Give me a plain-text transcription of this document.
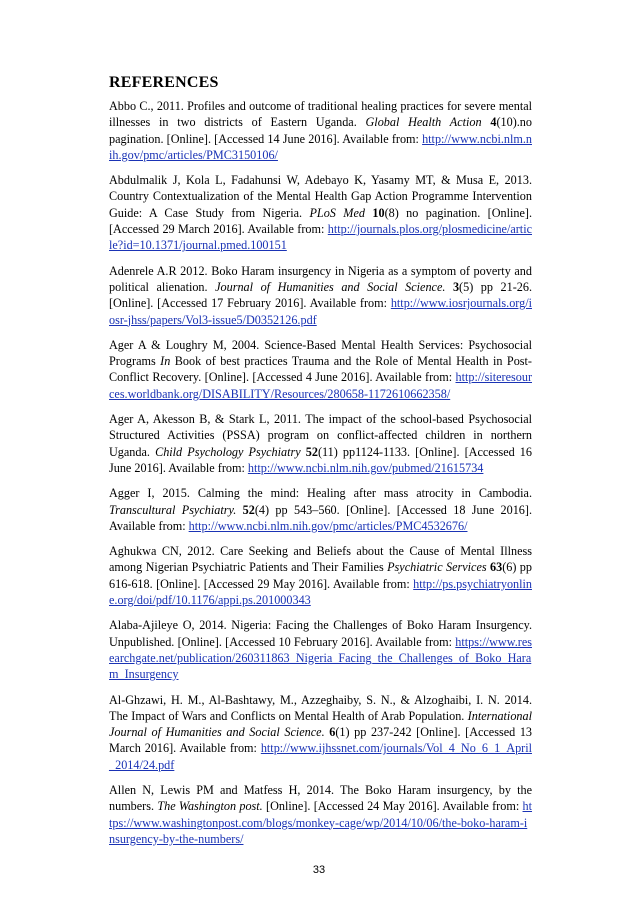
REFERENCES

Abbo C., 2011. Profiles and outcome of traditional healing practices for severe mental illnesses in two districts of Eastern Uganda. Global Health Action 4(10).no pagination. [Online]. [Accessed 14 June 2016]. Available from: http://www.ncbi.nlm.nih.gov/pmc/articles/PMC3150106/

Abdulmalik J, Kola L, Fadahunsi W, Adebayo K, Yasamy MT, & Musa E, 2013. Country Contextualization of the Mental Health Gap Action Programme Intervention Guide: A Case Study from Nigeria. PLoS Med 10(8) no pagination. [Online]. [Accessed 29 March 2016]. Available from: http://journals.plos.org/plosmedicine/article?id=10.1371/journal.pmed.100151

Adenrele A.R 2012. Boko Haram insurgency in Nigeria as a symptom of poverty and political alienation. Journal of Humanities and Social Science. 3(5) pp 21-26. [Online]. [Accessed 17 February 2016]. Available from: http://www.iosrjournals.org/iosr-jhss/papers/Vol3-issue5/D0352126.pdf

Ager A & Loughry M, 2004. Science-Based Mental Health Services: Psychosocial Programs In Book of best practices Trauma and the Role of Mental Health in Post-Conflict Recovery. [Online]. [Accessed 4 June 2016]. Available from: http://siteresources.worldbank.org/DISABILITY/Resources/280658-1172610662358/

Ager A, Akesson B, & Stark L, 2011. The impact of the school-based Psychosocial Structured Activities (PSSA) program on conflict-affected children in northern Uganda. Child Psychology Psychiatry 52(11) pp1124-1133. [Online]. [Accessed 16 June 2016]. Available from: http://www.ncbi.nlm.nih.gov/pubmed/21615734

Agger I, 2015. Calming the mind: Healing after mass atrocity in Cambodia. Transcultural Psychiatry. 52(4) pp 543–560. [Online]. [Accessed 18 June 2016]. Available from: http://www.ncbi.nlm.nih.gov/pmc/articles/PMC4532676/

Aghukwa CN, 2012. Care Seeking and Beliefs about the Cause of Mental Illness among Nigerian Psychiatric Patients and Their Families Psychiatric Services 63(6) pp 616-618. [Online]. [Accessed 29 May 2016]. Available from: http://ps.psychiatryonline.org/doi/pdf/10.1176/appi.ps.201000343

Alaba-Ajileye O, 2014. Nigeria: Facing the Challenges of Boko Haram Insurgency. Unpublished. [Online]. [Accessed 10 February 2016]. Available from: https://www.researchgate.net/publication/260311863_Nigeria_Facing_the_Challenges_of_Boko_Haram_Insurgency

Al-Ghzawi, H. M., Al-Bashtawy, M., Azzeghaiby, S. N., & Alzoghaibi, I. N. 2014. The Impact of Wars and Conflicts on Mental Health of Arab Population. International Journal of Humanities and Social Science. 6(1) pp 237-242 [Online]. [Accessed 13 March 2016]. Available from: http://www.ijhssnet.com/journals/Vol_4_No_6_1_April_2014/24.pdf

Allen N, Lewis PM and Matfess H, 2014. The Boko Haram insurgency, by the numbers. The Washington post. [Online]. [Accessed 24 May 2016]. Available from: https://www.washingtonpost.com/blogs/monkey-cage/wp/2014/10/06/the-boko-haram-insurgency-by-the-numbers/

33
